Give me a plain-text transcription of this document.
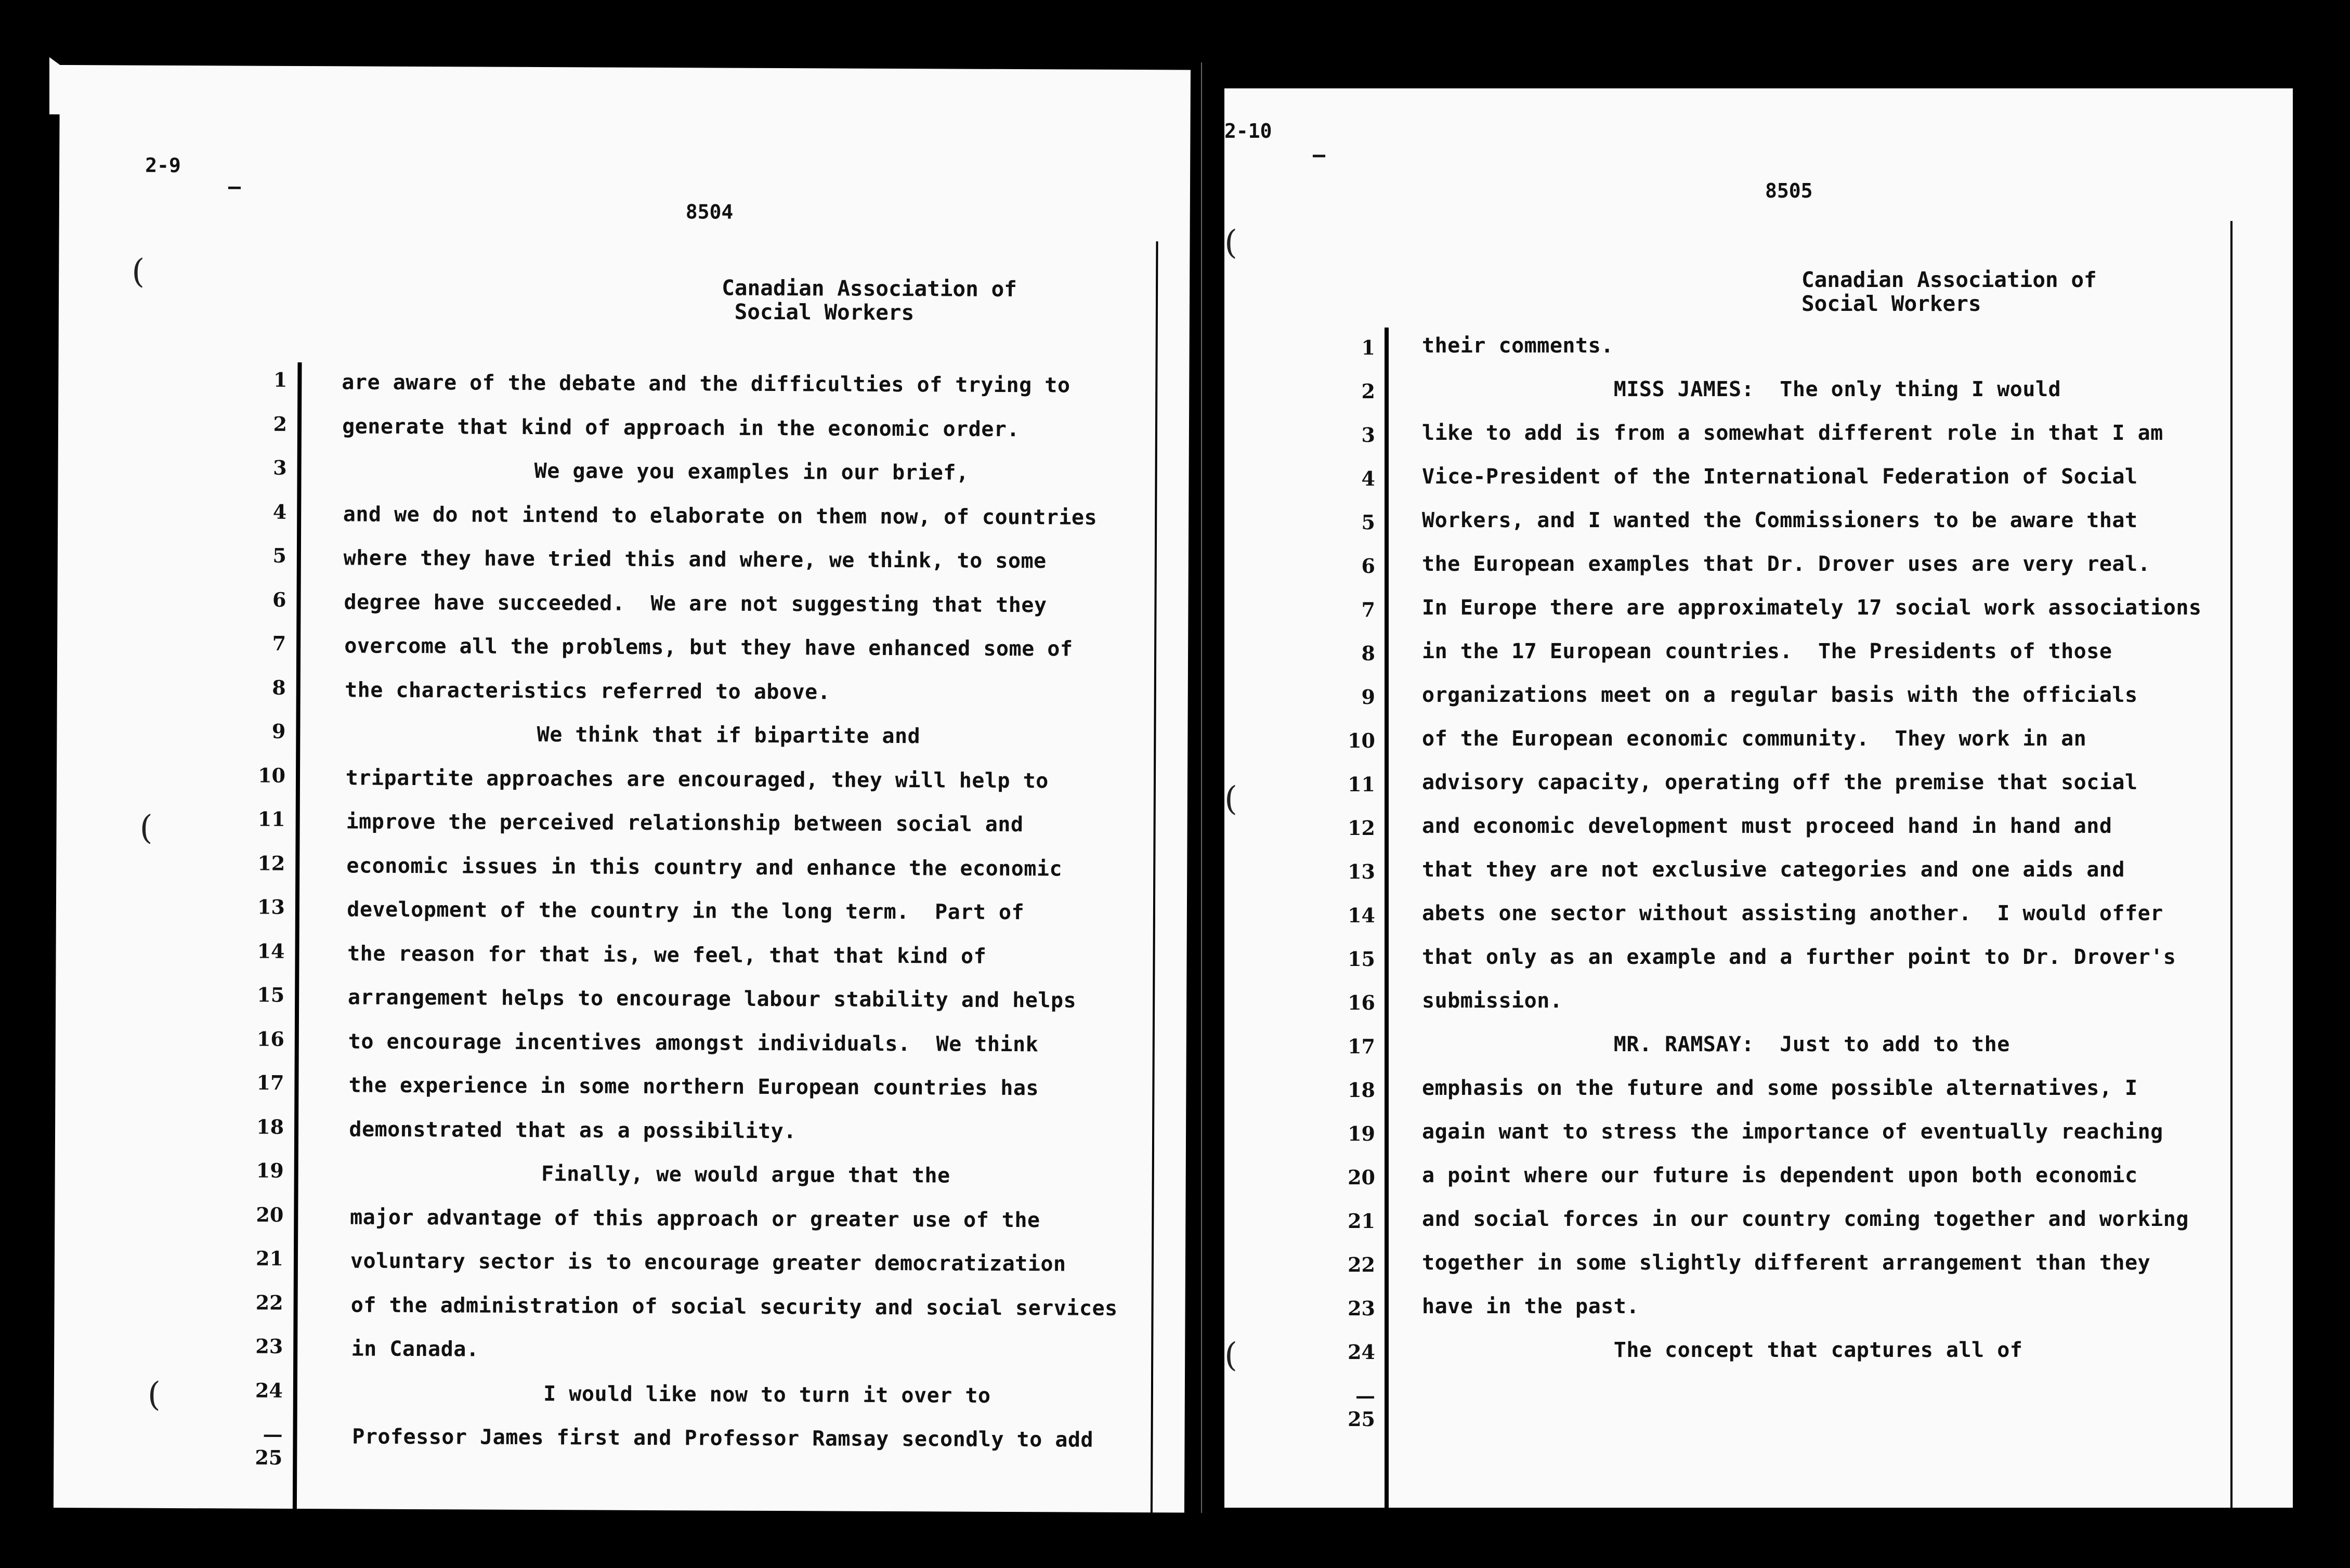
2-9
–
8504
Canadian Association of
Social Workers
(
(
(
1	are aware of the debate and the difficulties of trying to
2	generate that kind of approach in the economic order.
3	We gave you examples in our brief,
4	and we do not intend to elaborate on them now, of countries
5	where they have tried this and where, we think, to some
6	degree have succeeded.  We are not suggesting that they
7	overcome all the problems, but they have enhanced some of
8	the characteristics referred to above.
9	We think that if bipartite and
10	tripartite approaches are encouraged, they will help to
11	improve the perceived relationship between social and
12	economic issues in this country and enhance the economic
13	development of the country in the long term.  Part of
14	the reason for that is, we feel, that that kind of
15	arrangement helps to encourage labour stability and helps
16	to encourage incentives amongst individuals.  We think
17	the experience in some northern European countries has
18	demonstrated that as a possibility.
19	Finally, we would argue that the
20	major advantage of this approach or greater use of the
21	voluntary sector is to encourage greater democratization
22	of the administration of social security and social services
23	in Canada.
24	I would like now to turn it over to
—25
Professor James first and Professor Ramsay secondly to add
2-10
–
8505
Canadian Association of
Social Workers
(
(
(
1 their comments.
2 MISS JAMES:  The only thing I would
3 like to add is from a somewhat different role in that I am
4 Vice-President of the International Federation of Social
5 Workers, and I wanted the Commissioners to be aware that
6 the European examples that Dr. Drover uses are very real.
7 In Europe there are approximately 17 social work associations
8 in the 17 European countries.  The Presidents of those
9 organizations meet on a regular basis with the officials
10 of the European economic community.  They work in an
11 advisory capacity, operating off the premise that social
12 and economic development must proceed hand in hand and
13 that they are not exclusive categories and one aids and
14 abets one sector without assisting another.  I would offer
15 that only as an example and a further point to Dr. Drover's
16 submission.
17 MR. RAMSAY:  Just to add to the
18 emphasis on the future and some possible alternatives, I
19 again want to stress the importance of eventually reaching
20 a point where our future is dependent upon both economic
21 and social forces in our country coming together and working
22 together in some slightly different arrangement than they
23 have in the past.
24 The concept that captures all of
—25
